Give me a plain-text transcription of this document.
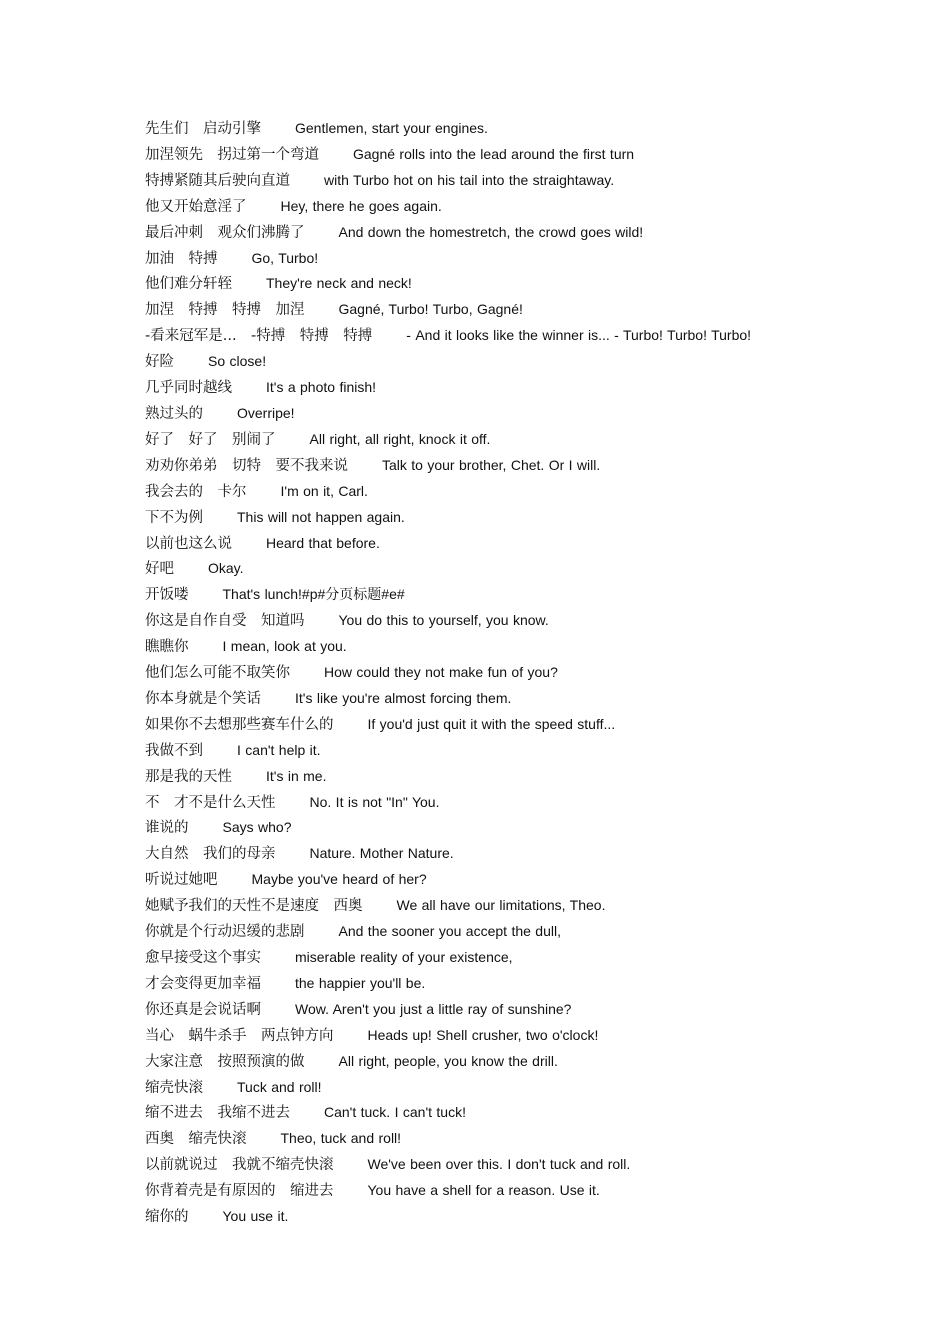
先生们　启动引擎 Gentlemen, start your engines.
加涅领先　拐过第一个弯道 Gagné rolls into the lead around the first turn
特搏紧随其后驶向直道 with Turbo hot on his tail into the straightaway.
他又开始意淫了 Hey, there he goes again.
最后冲刺　观众们沸腾了 And down the homestretch, the crowd goes wild!
加油　特搏 Go, Turbo!
他们难分轩轾 They're neck and neck!
加涅　特搏　特搏　加涅 Gagné, Turbo! Turbo, Gagné!
-看来冠军是...　-特搏　特搏　特搏 - And it looks like the winner is... - Turbo! Turbo! Turbo!
好险 So close!
几乎同时越线 It's a photo finish!
熟过头的 Overripe!
好了　好了　别闹了 All right, all right, knock it off.
劝劝你弟弟　切特　要不我来说 Talk to your brother, Chet. Or I will.
我会去的　卡尔 I'm on it, Carl.
下不为例 This will not happen again.
以前也这么说 Heard that before.
好吧 Okay.
开饭喽 That's lunch!#p#分页标题#e#
你这是自作自受　知道吗 You do this to yourself, you know.
瞧瞧你 I mean, look at you.
他们怎么可能不取笑你 How could they not make fun of you?
你本身就是个笑话 It's like you're almost forcing them.
如果你不去想那些赛车什么的 If you'd just quit it with the speed stuff...
我做不到 I can't help it.
那是我的天性 It's in me.
不　才不是什么天性 No. It is not "In" You.
谁说的 Says who?
大自然　我们的母亲 Nature. Mother Nature.
听说过她吧 Maybe you've heard of her?
她赋予我们的天性不是速度　西奥 We all have our limitations, Theo.
你就是个行动迟缓的悲剧 And the sooner you accept the dull,
愈早接受这个事实 miserable reality of your existence,
才会变得更加幸福 the happier you'll be.
你还真是会说话啊 Wow. Aren't you just a little ray of sunshine?
当心　蜗牛杀手　两点钟方向 Heads up! Shell crusher, two o'clock!
大家注意　按照预演的做 All right, people, you know the drill.
缩壳快滚 Tuck and roll!
缩不进去　我缩不进去 Can't tuck. I can't tuck!
西奥　缩壳快滚 Theo, tuck and roll!
以前就说过　我就不缩壳快滚 We've been over this. I don't tuck and roll.
你背着壳是有原因的　缩进去 You have a shell for a reason. Use it.
缩你的 You use it.
